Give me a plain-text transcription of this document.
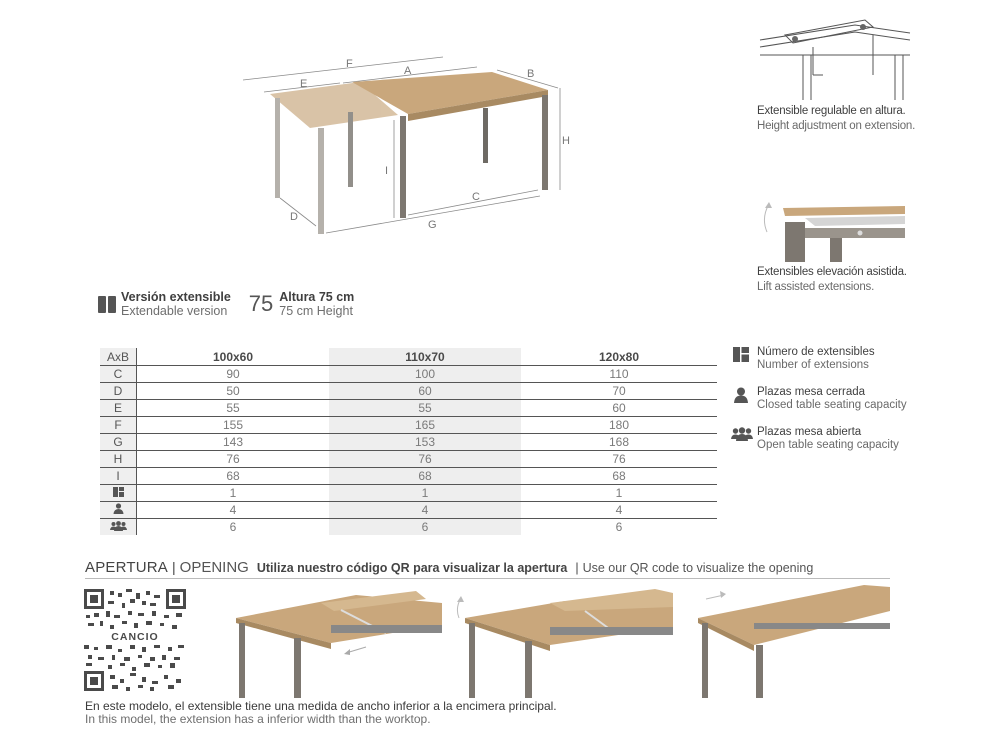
F
A
E
B
H
I
C
G
D
Extensible regulable en altura.
Height adjustment on extension.
Extensibles elevación asistida.
Lift assisted extensions.
Versión extensible
Extendable version 75 Altura 75 cm
75 cm Height
AxB	100x60	110x70	120x80
C	90	100	110
D	50	60	70
E	55	55	60
F	155	165	180
G	143	153	168
H	76	76	76
I	68	68	68
	1	1	1
	4	4	4
	6	6	6
Número de extensibles
Number of extensions
Plazas mesa cerrada
Closed table seating capacity
Plazas mesa abierta
Open table seating capacity
APERTURA | OPENING Utiliza nuestro código QR para visualizar la apertura | Use our QR code to visualize the opening
CANCIO
En este modelo, el extensible tiene una medida de ancho inferior a la encimera principal.
In this model, the extension has a inferior width than the worktop.
